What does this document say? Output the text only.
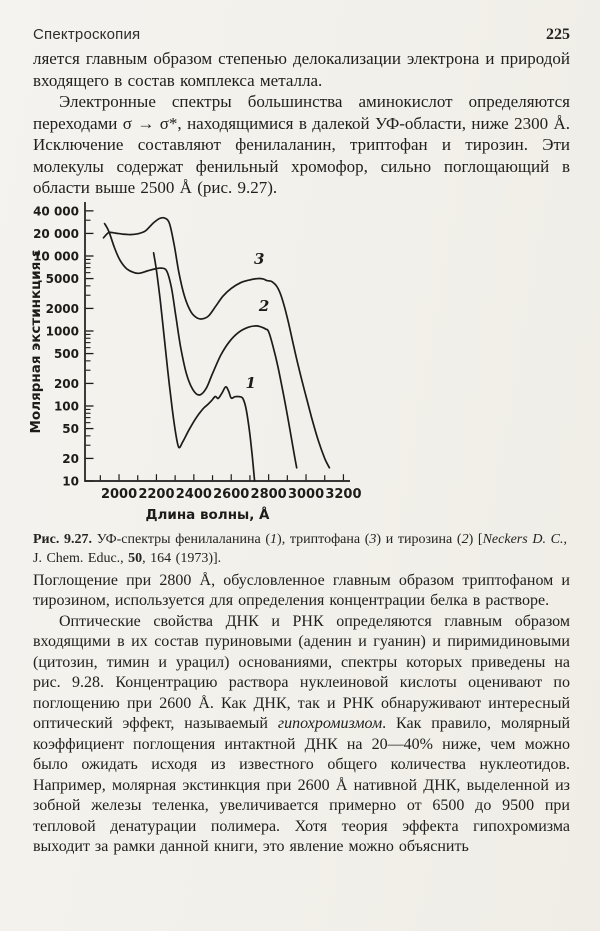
Спектроскопия	225

ляется главным образом степенью делокализации электрона и природой входящего в состав комплекса металла.

Электронные спектры большинства аминокислот определяются переходами σ → σ*, находящимися в далекой УФ-области, ниже 2300 Å. Исключение составляют фенилаланин, триптофан и тирозин. Эти молекулы содержат фенильный хромофор, сильно поглощающий в области выше 2500 Å (рис. 9.27).

2000 2200 2400 2600 2800 3000 3200
10
20
50
100
200
500
1000
2000
5000
10 000
20 000
40 000
Длина волны, Å
Молярная экстинкция ε	1
2
3

Рис. 9.27. УФ-спектры фенилаланина (1), триптофана (3) и тирозина (2) [Neckers D. C., J. Chem. Educ., 50, 164 (1973)].

Поглощение при 2800 Å, обусловленное главным образом триптофаном и тирозином, используется для определения концентрации белка в растворе.

Оптические свойства ДНК и РНК определяются главным образом входящими в их состав пуриновыми (аденин и гуанин) и пиримидиновыми (цитозин, тимин и урацил) основаниями, спектры которых приведены на рис. 9.28. Концентрацию раствора нуклеиновой кислоты оценивают по поглощению при 2600 Å. Как ДНК, так и РНК обнаруживают интересный оптический эффект, называемый гипохромизмом. Как правило, молярный коэффициент поглощения интактной ДНК на 20—40% ниже, чем можно было ожидать исходя из известного общего количества нуклеотидов. Например, молярная экстинкция при 2600 Å нативной ДНК, выделенной из зобной железы теленка, увеличивается примерно от 6500 до 9500 при тепловой денатурации полимера. Хотя теория эффекта гипохромизма выходит за рамки данной книги, это явление можно объяснить
